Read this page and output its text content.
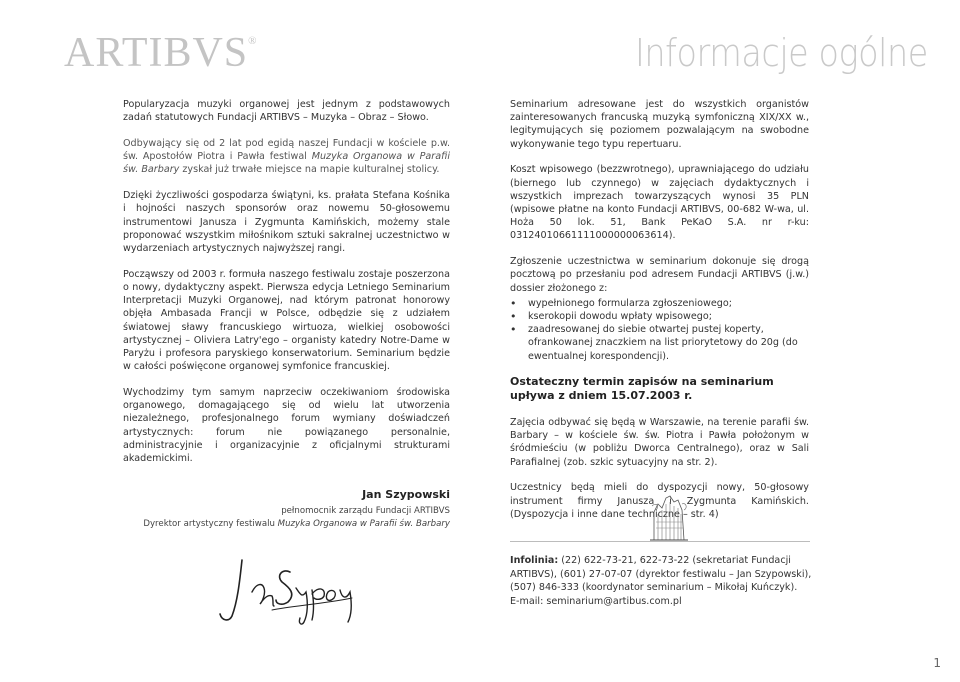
ARTIBVS®	Informacje ogólne

Popularyzacja muzyki organowej jest jednym z podstawowych zadań statutowych Fundacji ARTIBVS – Muzyka – Obraz – Słowo.

Odbywający się od 2 lat pod egidą naszej Fundacji w kościele p.w. św. Apostołów Piotra i Pawła festiwal Muzyka Organowa w Parafii św. Barbary zyskał już trwałe miejsce na mapie kulturalnej stolicy.

Dzięki życzliwości gospodarza świątyni, ks. prałata Stefana Kośnika i hojności naszych sponsorów oraz nowemu 50-głosowemu instrumentowi Janusza i Zygmunta Kamińskich, możemy stale proponować wszystkim miłośnikom sztuki sakralnej uczestnictwo w wydarzeniach artystycznych najwyższej rangi.

Począwszy od 2003 r. formuła naszego festiwalu zostaje poszerzona o nowy, dydaktyczny aspekt. Pierwsza edycja Letniego Seminarium Interpretacji Muzyki Organowej, nad którym patronat honorowy objęła Ambasada Francji w Polsce, odbędzie się z udziałem światowej sławy francuskiego wirtuoza, wielkiej osobowości artystycznej – Oliviera Latry'ego – organisty katedry Notre-Dame w Paryżu i profesora paryskiego konserwatorium. Seminarium będzie w całości poświęcone organowej symfonice francuskiej.

Wychodzimy tym samym naprzeciw oczekiwaniom środowiska organowego, domagającego się od wielu lat utworzenia niezależnego, profesjonalnego forum wymiany doświadczeń artystycznych: forum nie powiązanego personalnie, administracyjnie i organizacyjnie z oficjalnymi strukturami akademickimi.

Jan Szypowski

pełnomocnik zarządu Fundacji ARTIBVS

Dyrektor artystyczny festiwalu Muzyka Organowa w Parafii św. Barbary

Seminarium adresowane jest do wszystkich organistów zainteresowanych francuską muzyką symfoniczną XIX/XX w., legitymujących się poziomem pozwalającym na swobodne wykonywanie tego typu repertuaru.

Koszt wpisowego (bezzwrotnego), uprawniającego do udziału (biernego lub czynnego) w zajęciach dydaktycznych i wszystkich imprezach towarzyszących wynosi 35 PLN (wpisowe płatne na konto Fundacji ARTIBVS, 00-682 W-wa, ul. Hoża 50 lok. 51, Bank PeKaO S.A. nr r-ku: 03124010661111000000063614).

Zgłoszenie uczestnictwa w seminarium dokonuje się drogą pocztową po przesłaniu pod adresem Fundacji ARTIBVS (j.w.) dossier złożonego z:

• wypełnionego formularza zgłoszeniowego;
• kserokopii dowodu wpłaty wpisowego;
• zaadresowanej do siebie otwartej pustej koperty, ofrankowanej znaczkiem na list priorytetowy do 20g (do ewentualnej korespondencji).

Ostateczny termin zapisów na seminarium upływa z dniem 15.07.2003 r.

Zajęcia odbywać się będą w Warszawie, na terenie parafii św. Barbary – w kościele św. św. Piotra i Pawła położonym w śródmieściu (w pobliżu Dworca Centralnego), oraz w Sali Parafialnej (zob. szkic sytuacyjny na str. 2).

Uczestnicy będą mieli do dyspozycji nowy, 50-głosowy instrument firmy Janusza i Zygmunta Kamińskich. (Dyspozycja i inne dane techniczne – str. 4)

Infolinia: (22) 622-73-21, 622-73-22 (sekretariat Fundacji ARTIBVS), (601) 27-07-07 (dyrektor festiwalu – Jan Szypowski), (507) 846-333 (koordynator seminarium – Mikołaj Kuńczyk).
E-mail: seminarium@artibus.com.pl
1
